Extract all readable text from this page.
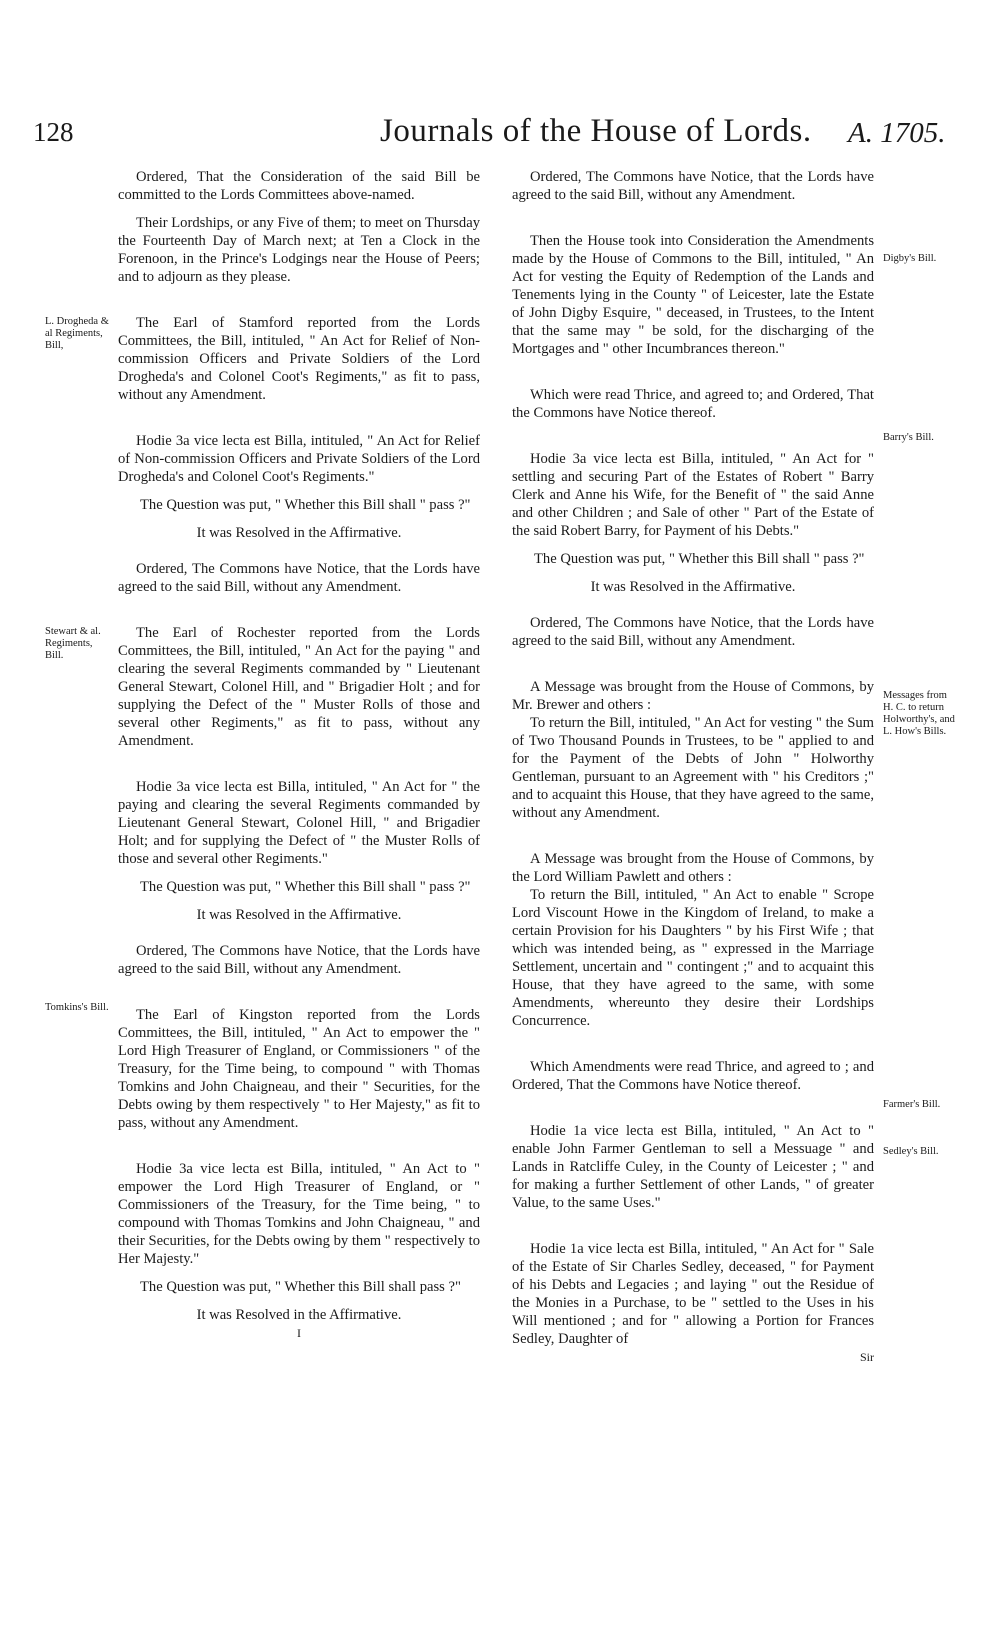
128	Journals of the House of Lords. A. 1705.
L. Drogheda & al Regiments, Bill,
Stewart & al. Regiments, Bill.
Tomkins's Bill.
Digby's Bill.
Barry's Bill.
Messages from H. C. to return Holworthy's, and L. How's Bills.
Farmer's Bill.
Sedley's Bill.

Ordered, That the Consideration of the said Bill be committed to the Lords Committees above-named.

Their Lordships, or any Five of them; to meet on Thursday the Fourteenth Day of March next; at Ten a Clock in the Forenoon, in the Prince's Lodgings near the House of Peers; and to adjourn as they please.

The Earl of Stamford reported from the Lords Committees, the Bill, intituled, " An Act for Relief of Non-commission Officers and Private Soldiers of the Lord Drogheda's and Colonel Coot's Regiments," as fit to pass, without any Amendment.

Hodie 3a vice lecta est Billa, intituled, " An Act for Relief of Non-commission Officers and Private Soldiers of the Lord Drogheda's and Colonel Coot's Regiments."

The Question was put, " Whether this Bill shall " pass ?"

It was Resolved in the Affirmative.

Ordered, The Commons have Notice, that the Lords have agreed to the said Bill, without any Amendment.

The Earl of Rochester reported from the Lords Committees, the Bill, intituled, " An Act for the paying " and clearing the several Regiments commanded by " Lieutenant General Stewart, Colonel Hill, and " Brigadier Holt ; and for supplying the Defect of the " Muster Rolls of those and several other Regiments," as fit to pass, without any Amendment.

Hodie 3a vice lecta est Billa, intituled, " An Act for " the paying and clearing the several Regiments commanded by Lieutenant General Stewart, Colonel Hill, " and Brigadier Holt; and for supplying the Defect of " the Muster Rolls of those and several other Regiments."

The Question was put, " Whether this Bill shall " pass ?"

It was Resolved in the Affirmative.

Ordered, The Commons have Notice, that the Lords have agreed to the said Bill, without any Amendment.

The Earl of Kingston reported from the Lords Committees, the Bill, intituled, " An Act to empower the " Lord High Treasurer of England, or Commissioners " of the Treasury, for the Time being, to compound " with Thomas Tomkins and John Chaigneau, and their " Securities, for the Debts owing by them respectively " to Her Majesty," as fit to pass, without any Amendment.

Hodie 3a vice lecta est Billa, intituled, " An Act to " empower the Lord High Treasurer of England, or " Commissioners of the Treasury, for the Time being, " to compound with Thomas Tomkins and John Chaigneau, " and their Securities, for the Debts owing by them " respectively to Her Majesty."

The Question was put, " Whether this Bill shall pass ?"

It was Resolved in the Affirmative.

I

Ordered, The Commons have Notice, that the Lords have agreed to the said Bill, without any Amendment.

Then the House took into Consideration the Amendments made by the House of Commons to the Bill, intituled, " An Act for vesting the Equity of Redemption of the Lands and Tenements lying in the County " of Leicester, late the Estate of John Digby Esquire, " deceased, in Trustees, to the Intent that the same may " be sold, for the discharging of the Mortgages and " other Incumbrances thereon."

Which were read Thrice, and agreed to; and Ordered, That the Commons have Notice thereof.

Hodie 3a vice lecta est Billa, intituled, " An Act for " settling and securing Part of the Estates of Robert " Barry Clerk and Anne his Wife, for the Benefit of " the said Anne and other Children ; and Sale of other " Part of the Estate of the said Robert Barry, for Payment of his Debts."

The Question was put, " Whether this Bill shall " pass ?"

It was Resolved in the Affirmative.

Ordered, The Commons have Notice, that the Lords have agreed to the said Bill, without any Amendment.

A Message was brought from the House of Commons, by Mr. Brewer and others :

To return the Bill, intituled, " An Act for vesting " the Sum of Two Thousand Pounds in Trustees, to be " applied to and for the Payment of the Debts of John " Holworthy Gentleman, pursuant to an Agreement with " his Creditors ;" and to acquaint this House, that they have agreed to the same, without any Amendment.

A Message was brought from the House of Commons, by the Lord William Pawlett and others :

To return the Bill, intituled, " An Act to enable " Scrope Lord Viscount Howe in the Kingdom of Ireland, to make a certain Provision for his Daughters " by his First Wife ; that which was intended being, as " expressed in the Marriage Settlement, uncertain and " contingent ;" and to acquaint this House, that they have agreed to the same, with some Amendments, whereunto they desire their Lordships Concurrence.

Which Amendments were read Thrice, and agreed to ; and Ordered, That the Commons have Notice thereof.

Hodie 1a vice lecta est Billa, intituled, " An Act to " enable John Farmer Gentleman to sell a Messuage " and Lands in Ratcliffe Culey, in the County of Leicester ; " and for making a further Settlement of other Lands, " of greater Value, to the same Uses."

Hodie 1a vice lecta est Billa, intituled, " An Act for " Sale of the Estate of Sir Charles Sedley, deceased, " for Payment of his Debts and Legacies ; and laying " out the Residue of the Monies in a Purchase, to be " settled to the Uses in his Will mentioned ; and for " allowing a Portion for Frances Sedley, Daughter of

Sir
